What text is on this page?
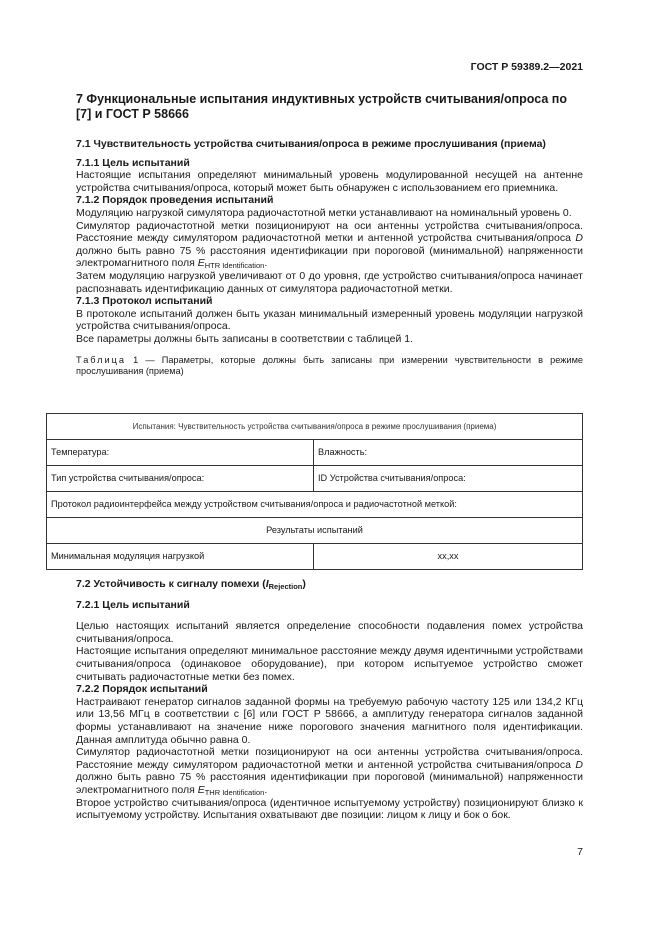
ГОСТ Р 59389.2—2021
7 Функциональные испытания индуктивных устройств считывания/опроса по [7] и ГОСТ Р 58666
7.1 Чувствительность устройства считывания/опроса в режиме прослушивания (приема)
7.1.1 Цель испытаний
Настоящие испытания определяют минимальный уровень модулированной несущей на антенне устройства считывания/опроса, который может быть обнаружен с использованием его приемника.
7.1.2 Порядок проведения испытаний
Модуляцию нагрузкой симулятора радиочастотной метки устанавливают на номинальный уровень 0.
Симулятор радиочастотной метки позиционируют на оси антенны устройства считывания/опроса. Расстояние между симулятором радиочастотной метки и антенной устройства считывания/опроса D должно быть равно 75 % расстояния идентификации при пороговой (минимальной) напряженности электромагнитного поля $E_{HTR Identification}$.
Затем модуляцию нагрузкой увеличивают от 0 до уровня, где устройство считывания/опроса начинает распознавать идентификацию данных от симулятора радиочастотной метки.
7.1.3 Протокол испытаний
В протоколе испытаний должен быть указан минимальный измеренный уровень модуляции нагрузкой устройства считывания/опроса.
Все параметры должны быть записаны в соответствии с таблицей 1.
Таблица 1 — Параметры, которые должны быть записаны при измерении чувствительности в режиме прослушивания (приема)
Испытания: Чувствительность устройства считывания/опроса в режиме прослушивания (приема)	
Температура:	Влажность:
Тип устройства считывания/опроса:	ID Устройства считывания/опроса:
Протокол радиоинтерфейса между устройством считывания/опроса и радиочастотной меткой:	
Результаты испытаний	
Минимальная модуляция нагрузкой	xx,xx
7.2 Устойчивость к сигналу помехи $(I_{Rejection})$
7.2.1 Цель испытаний
Целью настоящих испытаний является определение способности подавления помех устройства считывания/опроса.
Настоящие испытания определяют минимальное расстояние между двумя идентичными устройствами считывания/опроса (одинаковое оборудование), при котором испытуемое устройство сможет считывать радиочастотные метки без помех.
7.2.2 Порядок испытаний
Настраивают генератор сигналов заданной формы на требуемую рабочую частоту 125 или 134,2 КГц или 13,56 МГц в соответствии с [6] или ГОСТ Р 58666, а амплитуду генератора сигналов заданной формы устанавливают на значение ниже порогового значения магнитного поля идентификации. Данная амплитуда обычно равна 0.
Симулятор радиочастотной метки позиционируют на оси антенны устройства считывания/опроса. Расстояние между симулятором радиочастотной метки и антенной устройства считывания/опроса D должно быть равно 75 % расстояния идентификации при пороговой (минимальной) напряженности электромагнитного поля $E_{THR Identification}$.
Второе устройство считывания/опроса (идентичное испытуемому устройству) позиционируют близко к испытуемому устройству. Испытания охватывают две позиции: лицом к лицу и бок о бок.
7
